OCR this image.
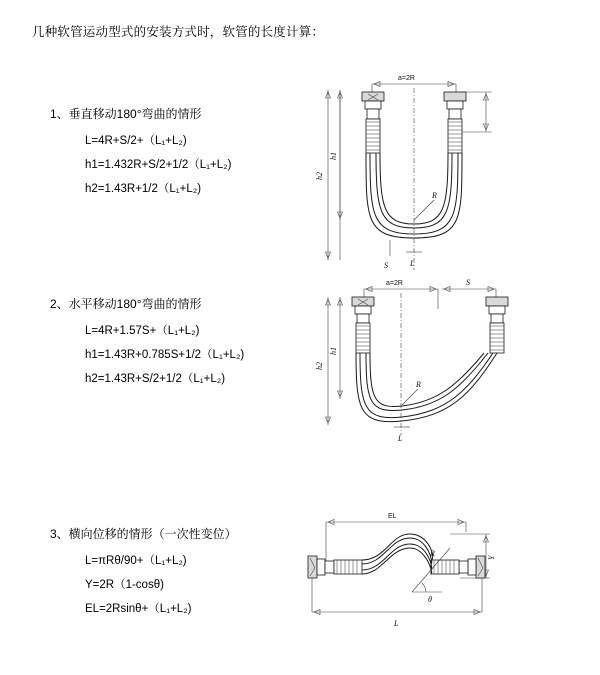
几种软管运动型式的安装方式时，软管的长度计算：
1、垂直移动180°弯曲的情形
L=4R+S/2+（L₁+L₂)
h1=1.432R+S/2+1/2（L₁+L₂)
h2=1.43R+1/2（L₁+L₂)
h2
h1
a=2R
R
L
S
2、水平移动180°弯曲的情形
L=4R+1.57S+（L₁+L₂)
h1=1.43R+0.785S+1/2（L₁+L₂)
h2=1.43R+S/2+1/2（L₁+L₂)
h2
h1
a=2R	S
R
L
3、横向位移的情形（一次性变位）
L=πRθ/90+（L₁+L₂)
Y=2R（1-cosθ)
EL=2Rsinθ+（L₁+L₂)
EL
Y
R
θ
L
